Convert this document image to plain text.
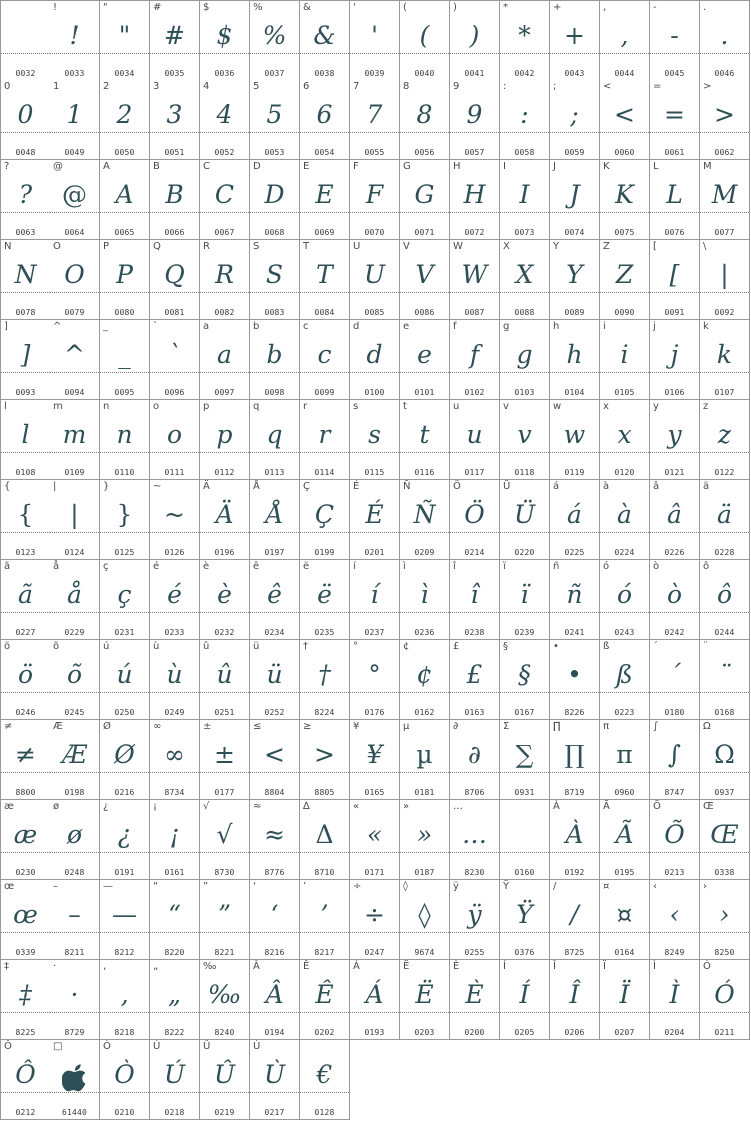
0032
!
!
0033
"
"
0034
#
#
0035
$
$
0036
%
%
0037
&
&
0038
'
'
0039
(
(
0040
)
)
0041
*
*
0042
+
+
0043
,
,
0044
-
-
0045
.
.
0046
0
0
0048
1
1
0049
2
2
0050
3
3
0051
4
4
0052
5
5
0053
6
6
0054
7
7
0055
8
8
0056
9
9
0057
:
:
0058
;
;
0059
<
<
0060
=
=
0061
>
>
0062
?
?
0063
@
@
0064
A
A
0065
B
B
0066
C
C
0067
D
D
0068
E
E
0069
F
F
0070
G
G
0071
H
H
0072
I
I
0073
J
J
0074
K
K
0075
L
L
0076
M
M
0077
N
N
0078
O
O
0079
P
P
0080
Q
Q
0081
R
R
0082
S
S
0083
T
T
0084
U
U
0085
V
V
0086
W
W
0087
X
X
0088
Y
Y
0089
Z
Z
0090
[
[
0091
\
|
0092
]
]
0093
^
^
0094
_
_
0095
`
`
0096
a
a
0097
b
b
0098
c
c
0099
d
d
0100
e
e
0101
f
f
0102
g
g
0103
h
h
0104
i
i
0105
j
j
0106
k
k
0107
l
l
0108
m
m
0109
n
n
0110
o
o
0111
p
p
0112
q
q
0113
r
r
0114
s
s
0115
t
t
0116
u
u
0117
v
v
0118
w
w
0119
x
x
0120
y
y
0121
z
z
0122
{
{
0123
|
|
0124
}
}
0125
~
~
0126
Ä
Ä
0196
Å
Å
0197
Ç
Ç
0199
É
É
0201
Ñ
Ñ
0209
Ö
Ö
0214
Ü
Ü
0220
á
á
0225
à
à
0224
â
â
0226
ä
ä
0228
ã
ã
0227
å
å
0229
ç
ç
0231
é
é
0233
è
è
0232
ê
ê
0234
ë
ë
0235
í
í
0237
ì
ì
0236
î
î
0238
ï
ï
0239
ñ
ñ
0241
ó
ó
0243
ò
ò
0242
ô
ô
0244
ö
ö
0246
õ
õ
0245
ú
ú
0250
ù
ù
0249
û
û
0251
ü
ü
0252
†
†
8224
°
°
0176
¢
¢
0162
£
£
0163
§
§
0167
•
•
8226
ß
ß
0223
´
´
0180
¨
¨
0168
≠
≠
8800
Æ
Æ
0198
Ø
Ø
0216
∞
∞
8734
±
±
0177
≤
<
8804
≥
>
8805
¥
¥
0165
µ
µ
0181
∂
∂
8706
Σ
∑
0931
∏
∏
8719
π
π
0960
∫
∫
8747
Ω
Ω
0937
æ
æ
0230
ø
ø
0248
¿
¿
0191
¡
¡
0161
√
√
8730
≈
≈
8776
∆
Δ
8710
«
«
0171
»
»
0187
…
…
8230	0160
À
À
0192
Ã
Ã
0195
Õ
Õ
0213
Œ
Œ
0338
œ
œ
0339
–
–
8211
—
—
8212
“
“
8220
”
”
8221
‘
‘
8216
’
’
8217
÷
÷
0247
◊
◊
9674
ÿ
ÿ
0255
Ÿ
Ÿ
0376
/
/
8725
¤
¤
0164
‹
‹
8249
›
›
8250
‡
‡
8225
·
·
8729
‚
‚
8218
„
„
8222
‰
‰
8240
Â
Â
0194
Ê
Ê
0202
Á
Á
0193
Ë
Ë
0203
È
È
0200
Í
Í
0205
Î
Î
0206
Ï
Ï
0207
Ì
Ì
0204
Ó
Ó
0211
Ô
Ô
0212
□
61440
Ò
Ò
0210
Ú
Ú
0218
Û
Û
0219
Ù
Ù
0217
€
0128
